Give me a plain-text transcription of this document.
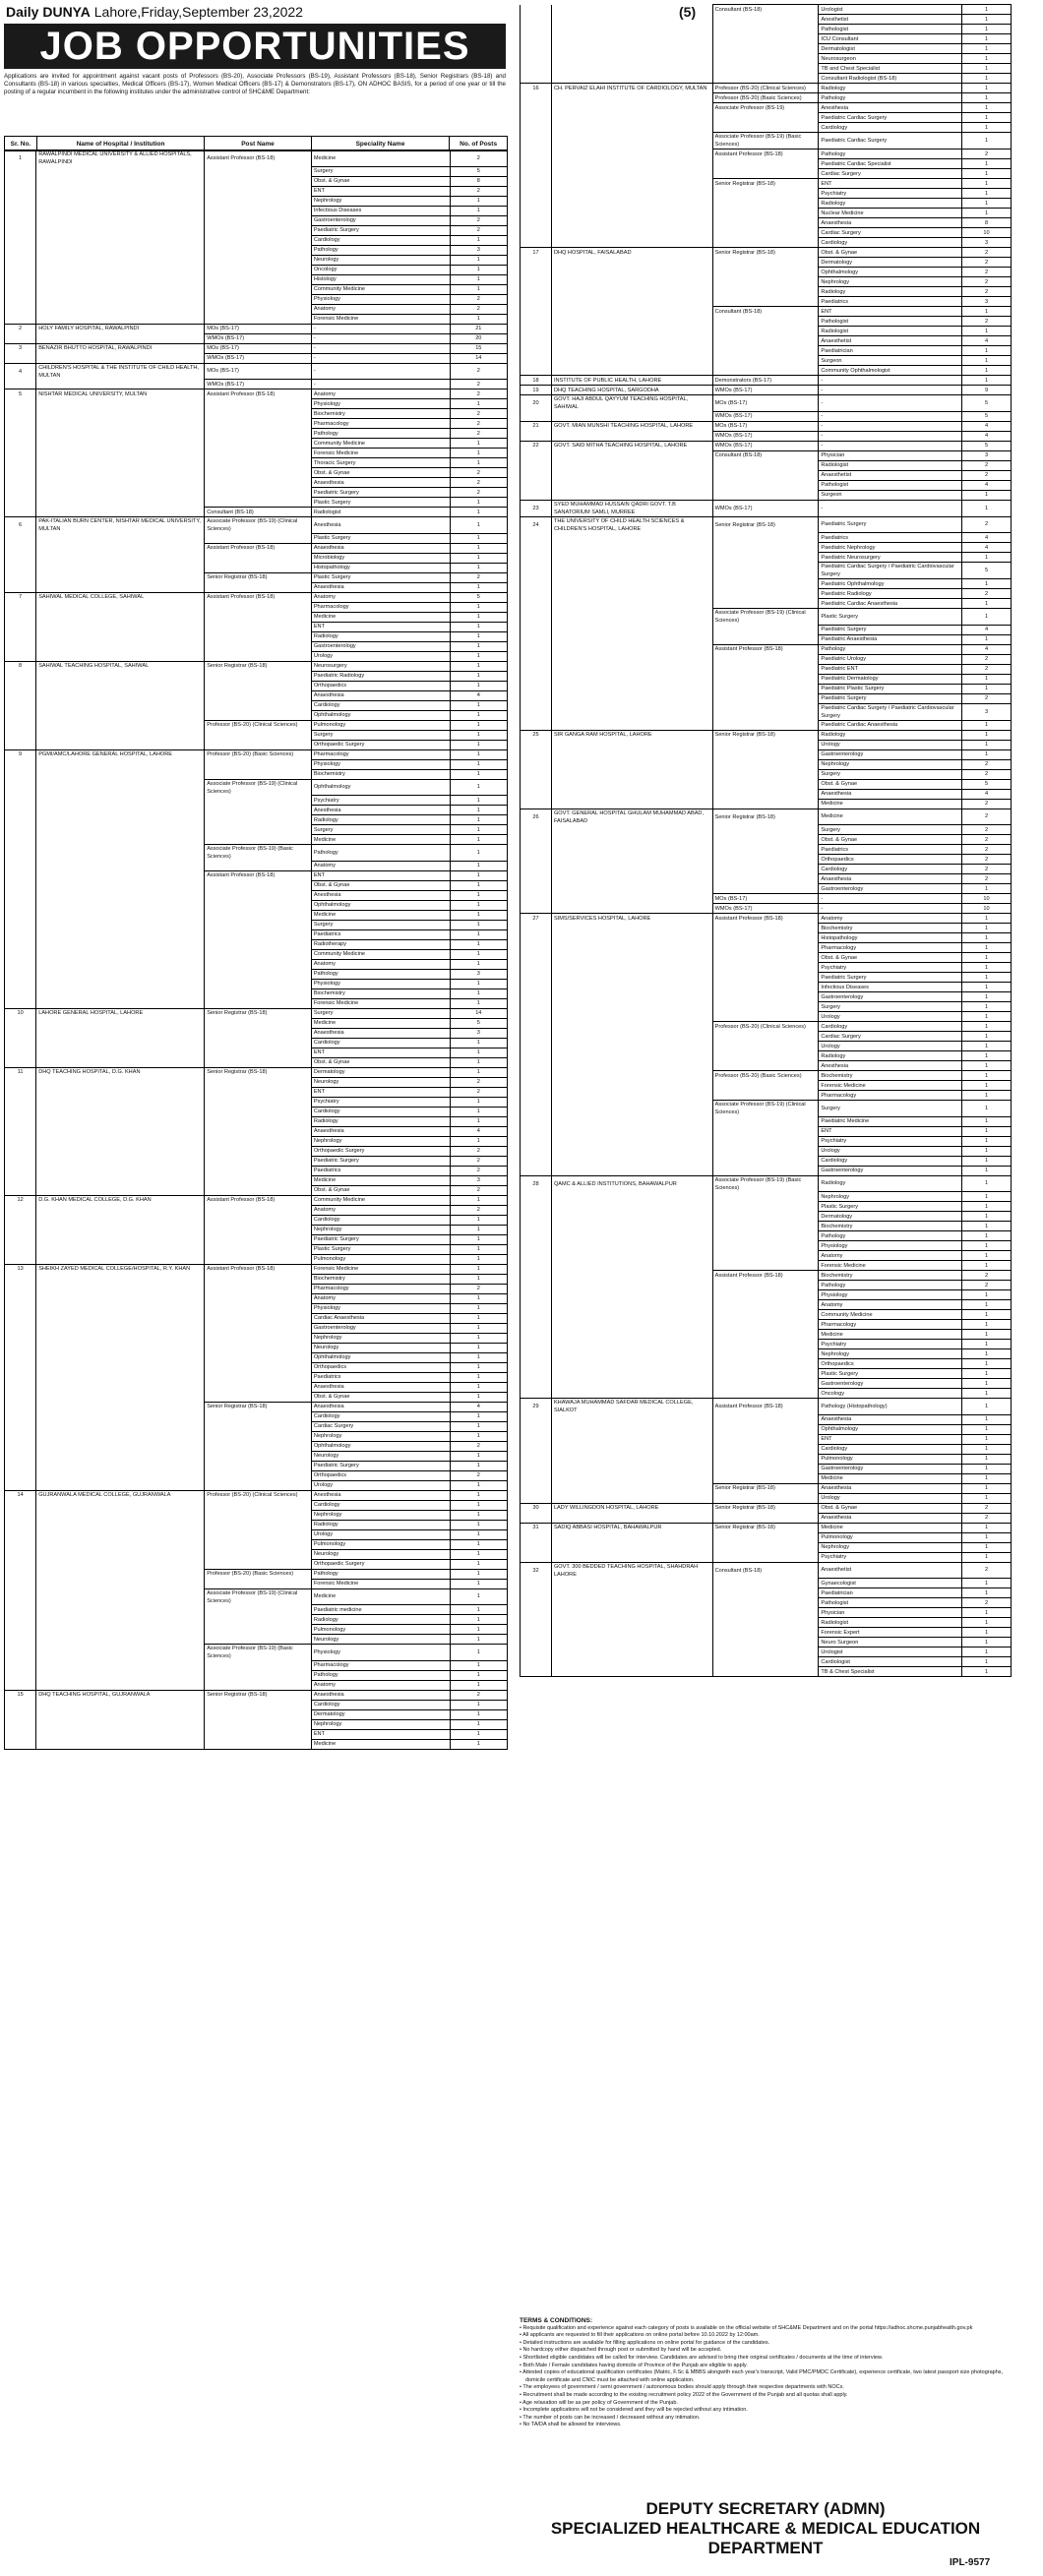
Daily DUNYA Lahore,Friday,September 23,2022	(5)
JOB OPPORTUNITIES
Applications are invited for appointment against vacant posts of Professors (BS-20), Associate Professors (BS-19), Assistant Professors (BS-18), Senior Registrars (BS-18) and Consultants (BS-18) in various specialties, Medical Officers (BS-17), Women Medical Officers (BS-17) & Demonstrators (BS-17), ON ADHOC BASIS, for a period of one year or till the posting of a regular incumbent in the following institutes under the administrative control of SHC&ME Department:
Sr. No.	Name of Hospital / Institution	Post Name	Speciality Name	No. of Posts
1	RAWALPINDI MEDICAL UNIVERSITY & ALLIED HOSPITALS, RAWALPINDI	Assistant Professor (BS-18)	Medicine	2
			Surgery	5
			Obst. & Gynae	8
			ENT	2
			Nephrology	1
			Infectious Diseases	1
			Gastroenterology	2
			Paediatric Surgery	2
			Cardiology	1
			Pathology	3
			Neurology	1
			Oncology	1
			Histology	1
			Community Medicine	1
			Physiology	2
			Anatomy	2
			Forensic Medicine	1
2	HOLY FAMILY HOSPITAL, RAWALPINDI	MOs (BS-17)	-	21
		WMOs (BS-17)	-	20
3	BENAZIR BHUTTO HOSPITAL, RAWALPINDI	MOs (BS-17)	-	15
		WMOs (BS-17)	-	14
4	CHILDREN'S HOSPITAL & THE INSTITUTE OF CHILD HEALTH, MULTAN	MOs (BS-17)	-	2
		WMOs (BS-17)	-	2
5	NISHTAR MEDICAL UNIVERSITY, MULTAN	Assistant Professor (BS-18)	Anatomy	2
			Physiology	1
			Biochemistry	2
			Pharmacology	2
			Pathology	2
			Community Medicine	1
			Forensic Medicine	1
			Thoracic Surgery	1
			Obst. & Gynae	2
			Anaesthesia	2
			Paediatric Surgery	2
			Plastic Surgery	1
		Consultant (BS-18)	Radiologist	1
6	PAK-ITALIAN BURN CENTER, NISHTAR MEDICAL UNIVERSITY, MULTAN	Associate Professor (BS-19) (Clinical Sciences)	Anesthesia	1
			Plastic Surgery	1
		Assistant Professor (BS-18)	Anaesthesia	1
			Microbiology	1
			Histopathology	1
		Senior Registrar (BS-18)	Plastic Surgery	2
			Anaesthesia	1
7	SAHIWAL MEDICAL COLLEGE, SAHIWAL	Assistant Professor (BS-18)	Anatomy	5
			Pharmacology	1
			Medicine	1
			ENT	1
			Radiology	1
			Gastroenterology	1
			Urology	1
8	SAHIWAL TEACHING HOSPITAL, SAHIWAL	Senior Registrar (BS-18)	Neurosurgery	1
			Paediatric Radiology	1
			Orthopaedics	1
			Anaesthesia	4
			Cardiology	1
			Ophthalmology	1
		Professor (BS-20) (Clinical Sciences)	Pulmonology	1
			Surgery	1
			Orthopaedic Surgery	1
9	PGMI/AMC/LAHORE GENERAL HOSPITAL, LAHORE	Professor (BS-20) (Basic Sciences)	Pharmacology	1
			Physiology	1
			Biochemistry	1
		Associate Professor (BS-19) (Clinical Sciences)	Ophthalmology	1
			Psychiatry	1
			Anesthesia	1
			Radiology	1
			Surgery	1
			Medicine	1
		Associate Professor (BS-19) (Basic Sciences)	Pathology	1
			Anatomy	1
		Assistant Professor (BS-18)	ENT	1
			Obst. & Gynae	1
			Anesthesia	1
			Ophthalmology	1
			Medicine	1
			Surgery	1
			Paediatrics	1
			Radiotherapy	1
			Community Medicine	1
			Anatomy	1
			Pathology	3
			Physiology	1
			Biochemistry	1
			Forensic Medicine	1
10	LAHORE GENERAL HOSPITAL, LAHORE	Senior Registrar (BS-18)	Surgery	14
			Medicine	5
			Anaesthesia	3
			Cardiology	1
			ENT	1
			Obst. & Gynae	1
11	DHQ TEACHING HOSPITAL, D.G. KHAN	Senior Registrar (BS-18)	Dermatology	1
			Neurology	2
			ENT	2
			Psychiatry	1
			Cardiology	1
			Radiology	1
			Anaesthesia	4
			Nephrology	1
			Orthopaedic Surgery	2
			Paediatric Surgery	2
			Paediatrics	2
			Medicine	3
			Obst. & Gynae	2
12	D.G. KHAN MEDICAL COLLEGE, D.G. KHAN	Assistant Professor (BS-18)	Community Medicine	1
			Anatomy	2
			Cardiology	1
			Nephrology	1
			Paediatric Surgery	1
			Plastic Surgery	1
			Pulmonology	1
13	SHEIKH ZAYED MEDICAL COLLEGE/HOSPITAL, R.Y. KHAN	Assistant Professor (BS-18)	Forensic Medicine	1
			Biochemistry	1
			Pharmacology	2
			Anatomy	1
			Physiology	1
			Cardiac Anaesthesia	1
			Gastroenterology	1
			Nephrology	1
			Neurology	1
			Ophthalmology	1
			Orthopaedics	1
			Paediatrics	1
			Anaesthesia	1
			Obst. & Gynae	1
		Senior Registrar (BS-18)	Anaesthesia	4
			Cardiology	1
			Cardiac Surgery	1
			Nephrology	1
			Ophthalmology	2
			Neurology	1
			Paediatric Surgery	1
			Orthopaedics	2
			Urology	1
14	GUJRANWALA MEDICAL COLLEGE, GUJRANWALA	Professor (BS-20) (Clinical Sciences)	Anesthesia	1
			Cardiology	1
			Nephrology	1
			Radiology	1
			Urology	1
			Pulmonology	1
			Neurology	1
			Orthopaedic Surgery	1
		Professor (BS-20) (Basic Sciences)	Pathology	1
			Forensic Medicine	1
		Associate Professor (BS-19) (Clinical Sciences)	Medicine	1
			Paediatric medicine	1
			Radiology	1
			Pulmonology	1
			Neurology	1
		Associate Professor (BS-19) (Basic Sciences)	Physiology	1
			Pharmacology	1
			Pathology	1
			Anatomy	1
15	DHQ TEACHING HOSPITAL, GUJRANWALA	Senior Registrar (BS-18)	Anaesthesia	2
			Cardiology	1
			Dermatology	1
			Nephrology	1
			ENT	1
			Medicine	1
		Consultant (BS-18)	Urologist	1
			Anesthetist	1
			Pathologist	1
			ICU Consultant	1
			Dermatologist	1
			Neurosurgeon	1
			TB and Chest Specialist	1
			Consultant Radiologist (BS-18)	1
16	CH. PERVAIZ ELAHI INSTITUTE OF CARDIOLOGY, MULTAN	Professor (BS-20) (Clinical Sciences)	Radiology	1
		Professor (BS-20) (Basic Sciences)	Pathology	1
		Associate Professor (BS-19)	Anesthesia	1
			Paediatric Cardiac Surgery	1
			Cardiology	1
		Associate Professor (BS-19) (Basic Sciences)	Paediatric Cardiac Surgery	1
		Assistant Professor (BS-18)	Pathology	2
			Paediatric Cardiac Specialist	1
			Cardiac Surgery	1
		Senior Registrar (BS-18)	ENT	1
			Psychiatry	1
			Radiology	1
			Nuclear Medicine	1
			Anaesthesia	8
			Cardiac Surgery	10
			Cardiology	3
17	DHQ HOSPITAL, FAISALABAD	Senior Registrar (BS-18)	Obst. & Gynae	2
			Dermatology	2
			Ophthalmology	2
			Nephrology	2
			Radiology	2
			Paediatrics	3
		Consultant (BS-18)	ENT	1
			Pathologist	2
			Radiologist	1
			Anaesthetist	4
			Paediatrician	1
			Surgeon	1
			Community Ophthalmologist	1
18	INSTITUTE OF PUBLIC HEALTH, LAHORE	Demonstrators (BS-17)	-	1
19	DHQ TEACHING HOSPITAL, SARGODHA	WMOs (BS-17)	-	9
20	GOVT. HAJI ABDUL QAYYUM TEACHING HOSPITAL, SAHIWAL	MOs (BS-17)	-	5
		WMOs (BS-17)	-	5
21	GOVT. MIAN MUNSHI TEACHING HOSPITAL, LAHORE	MOs (BS-17)	-	4
		WMOs (BS-17)	-	4
22	GOVT. SAID MITHA TEACHING HOSPITAL, LAHORE	WMOs (BS-17)	-	5
		Consultant (BS-18)	Physician	3
			Radiologist	2
			Anaesthetist	2
			Pathologist	4
			Surgeon	1
23	SYED MUHAMMAD HUSSAIN QADRI GOVT. T.B SANATORIUM SAMLI, MURREE	WMOs (BS-17)	-	1
24	THE UNIVERSITY OF CHILD HEALTH SCIENCES & CHILDREN'S HOSPITAL, LAHORE	Senior Registrar (BS-18)	Paediatric Surgery	2
			Paediatrics	4
			Paediatric Nephrology	4
			Paediatric Neurosurgery	1
			Paediatric Cardiac Surgery / Paediatric Cardiovascular Surgery	5
			Paediatric Ophthalmology	1
			Paediatric Radiology	2
			Paediatric Cardiac Anaesthesia	1
		Associate Professor (BS-19) (Clinical Sciences)	Plastic Surgery	1
			Paediatric Surgery	4
			Paediatric Anaesthesia	1
		Assistant Professor (BS-18)	Pathology	4
			Paediatric Urology	2
			Paediatric ENT	2
			Paediatric Dermatology	1
			Paediatric Plastic Surgery	1
			Paediatric Surgery	2
			Paediatric Cardiac Surgery / Paediatric Cardiovascular Surgery	3
			Paediatric Cardiac Anaesthesia	1
25	SIR GANGA RAM HOSPITAL, LAHORE	Senior Registrar (BS-18)	Radiology	1
			Urology	1
			Gastroenterology	1
			Nephrology	2
			Surgery	2
			Obst. & Gynae	5
			Anaesthesia	4
			Medicine	2
26	GOVT. GENERAL HOSPITAL GHULAM MUHAMMAD ABAD, FAISALABAD	Senior Registrar (BS-18)	Medicine	2
			Surgery	2
			Obst. & Gynae	2
			Paediatrics	2
			Orthopaedics	2
			Cardiology	2
			Anaesthesia	2
			Gastroenterology	1
		MOs (BS-17)	-	10
		WMOs (BS-17)	-	10
27	SIMS/SERVICES HOSPITAL, LAHORE	Assistant Professor (BS-18)	Anatomy	1
			Biochemistry	1
			Histopathology	1
			Pharmacology	1
			Obst. & Gynae	1
			Psychiatry	1
			Paediatric Surgery	1
			Infectious Diseases	1
			Gastroenterology	1
			Surgery	1
			Urology	1
		Professor (BS-20) (Clinical Sciences)	Cardiology	1
			Cardiac Surgery	1
			Urology	1
			Radiology	1
			Anesthesia	1
		Professor (BS-20) (Basic Sciences)	Biochemistry	1
			Forensic Medicine	1
			Pharmacology	1
		Associate Professor (BS-19) (Clinical Sciences)	Surgery	1
			Paediatric Medicine	1
			ENT	1
			Psychiatry	1
			Urology	1
			Cardiology	1
			Gastroenterology	1
28	QAMC & ALLIED INSTITUTIONS, BAHAWALPUR	Associate Professor (BS-19) (Basic Sciences)	Radiology	1
			Nephrology	1
			Plastic Surgery	1
			Dermatology	1
			Biochemistry	1
			Pathology	1
			Physiology	1
			Anatomy	1
			Forensic Medicine	1
		Assistant Professor (BS-18)	Biochemistry	2
			Pathology	2
			Physiology	1
			Anatomy	1
			Community Medicine	1
			Pharmacology	1
			Medicine	1
			Psychiatry	1
			Nephrology	1
			Orthopaedics	1
			Plastic Surgery	1
			Gastroenterology	1
			Oncology	1
29	KHAWAJA MUHAMMAD SAFDAR MEDICAL COLLEGE, SIALKOT	Assistant Professor (BS-18)	Pathology (Histopathology)	1
			Anaesthesia	1
			Ophthalmology	1
			ENT	1
			Cardiology	1
			Pulmonology	1
			Gastroenterology	1
			Medicine	1
		Senior Registrar (BS-18)	Anaesthesia	1
			Urology	1
30	LADY WILLINGDON HOSPITAL, LAHORE	Senior Registrar (BS-18)	Obst. & Gynae	2
			Anaesthesia	2
31	SADIQ ABBASI HOSPITAL, BAHAWALPUR	Senior Registrar (BS-18)	Medicine	1
			Pulmonology	1
			Nephrology	1
			Psychiatry	1
32	GOVT. 300 BEDDED TEACHING HOSPITAL, SHAHDRAH LAHORE	Consultant (BS-18)	Anaesthetist	2
			Gynaecologist	1
			Paediatrician	1
			Pathologist	2
			Physician	1
			Radiologist	1
			Forensic Expert	1
			Neuro Surgeon	1
			Urologist	1
			Cardiologist	1
			TB & Chest Specialist	1
TERMS & CONDITIONS:
• Requisite qualification and experience against each category of posts is available on the official website of SHC&ME Department and on the portal https://adhoc.shcme.punjabhealth.gov.pk
• All applicants are requested to fill their applications on online portal before 10.10.2022 by 12:00am.
• Detailed instructions are available for filling applications on online portal for guidance of the candidates.
• No hardcopy either dispatched through post or submitted by hand will be accepted.
• Shortlisted eligible candidates will be called for interview. Candidates are advised to bring their original certificates / documents at the time of interview.
• Both Male / Female candidates having domicile of Province of the Punjab are eligible to apply.
• Attested copies of educational qualification certificates (Matric, F.Sc & MBBS alongwith each year's transcript, Valid PMC/PMDC Certificate), experience certificate, two latest passport size photographs, domicile certificate and CNIC must be attached with online application.
• The employees of government / semi government / autonomous bodies should apply through their respective departments with NOCs.
• Recruitment shall be made according to the existing recruitment policy 2022 of the Government of the Punjab and all quotas shall apply.
• Age relaxation will be as per policy of Government of the Punjab.
• Incomplete applications will not be considered and they will be rejected without any intimation.
• The number of posts can be increased / decreased without any intimation.
• No TA/DA shall be allowed for interviews.
DEPUTY SECRETARY (ADMN)
SPECIALIZED HEALTHCARE & MEDICAL EDUCATION
DEPARTMENT
IPL-9577
